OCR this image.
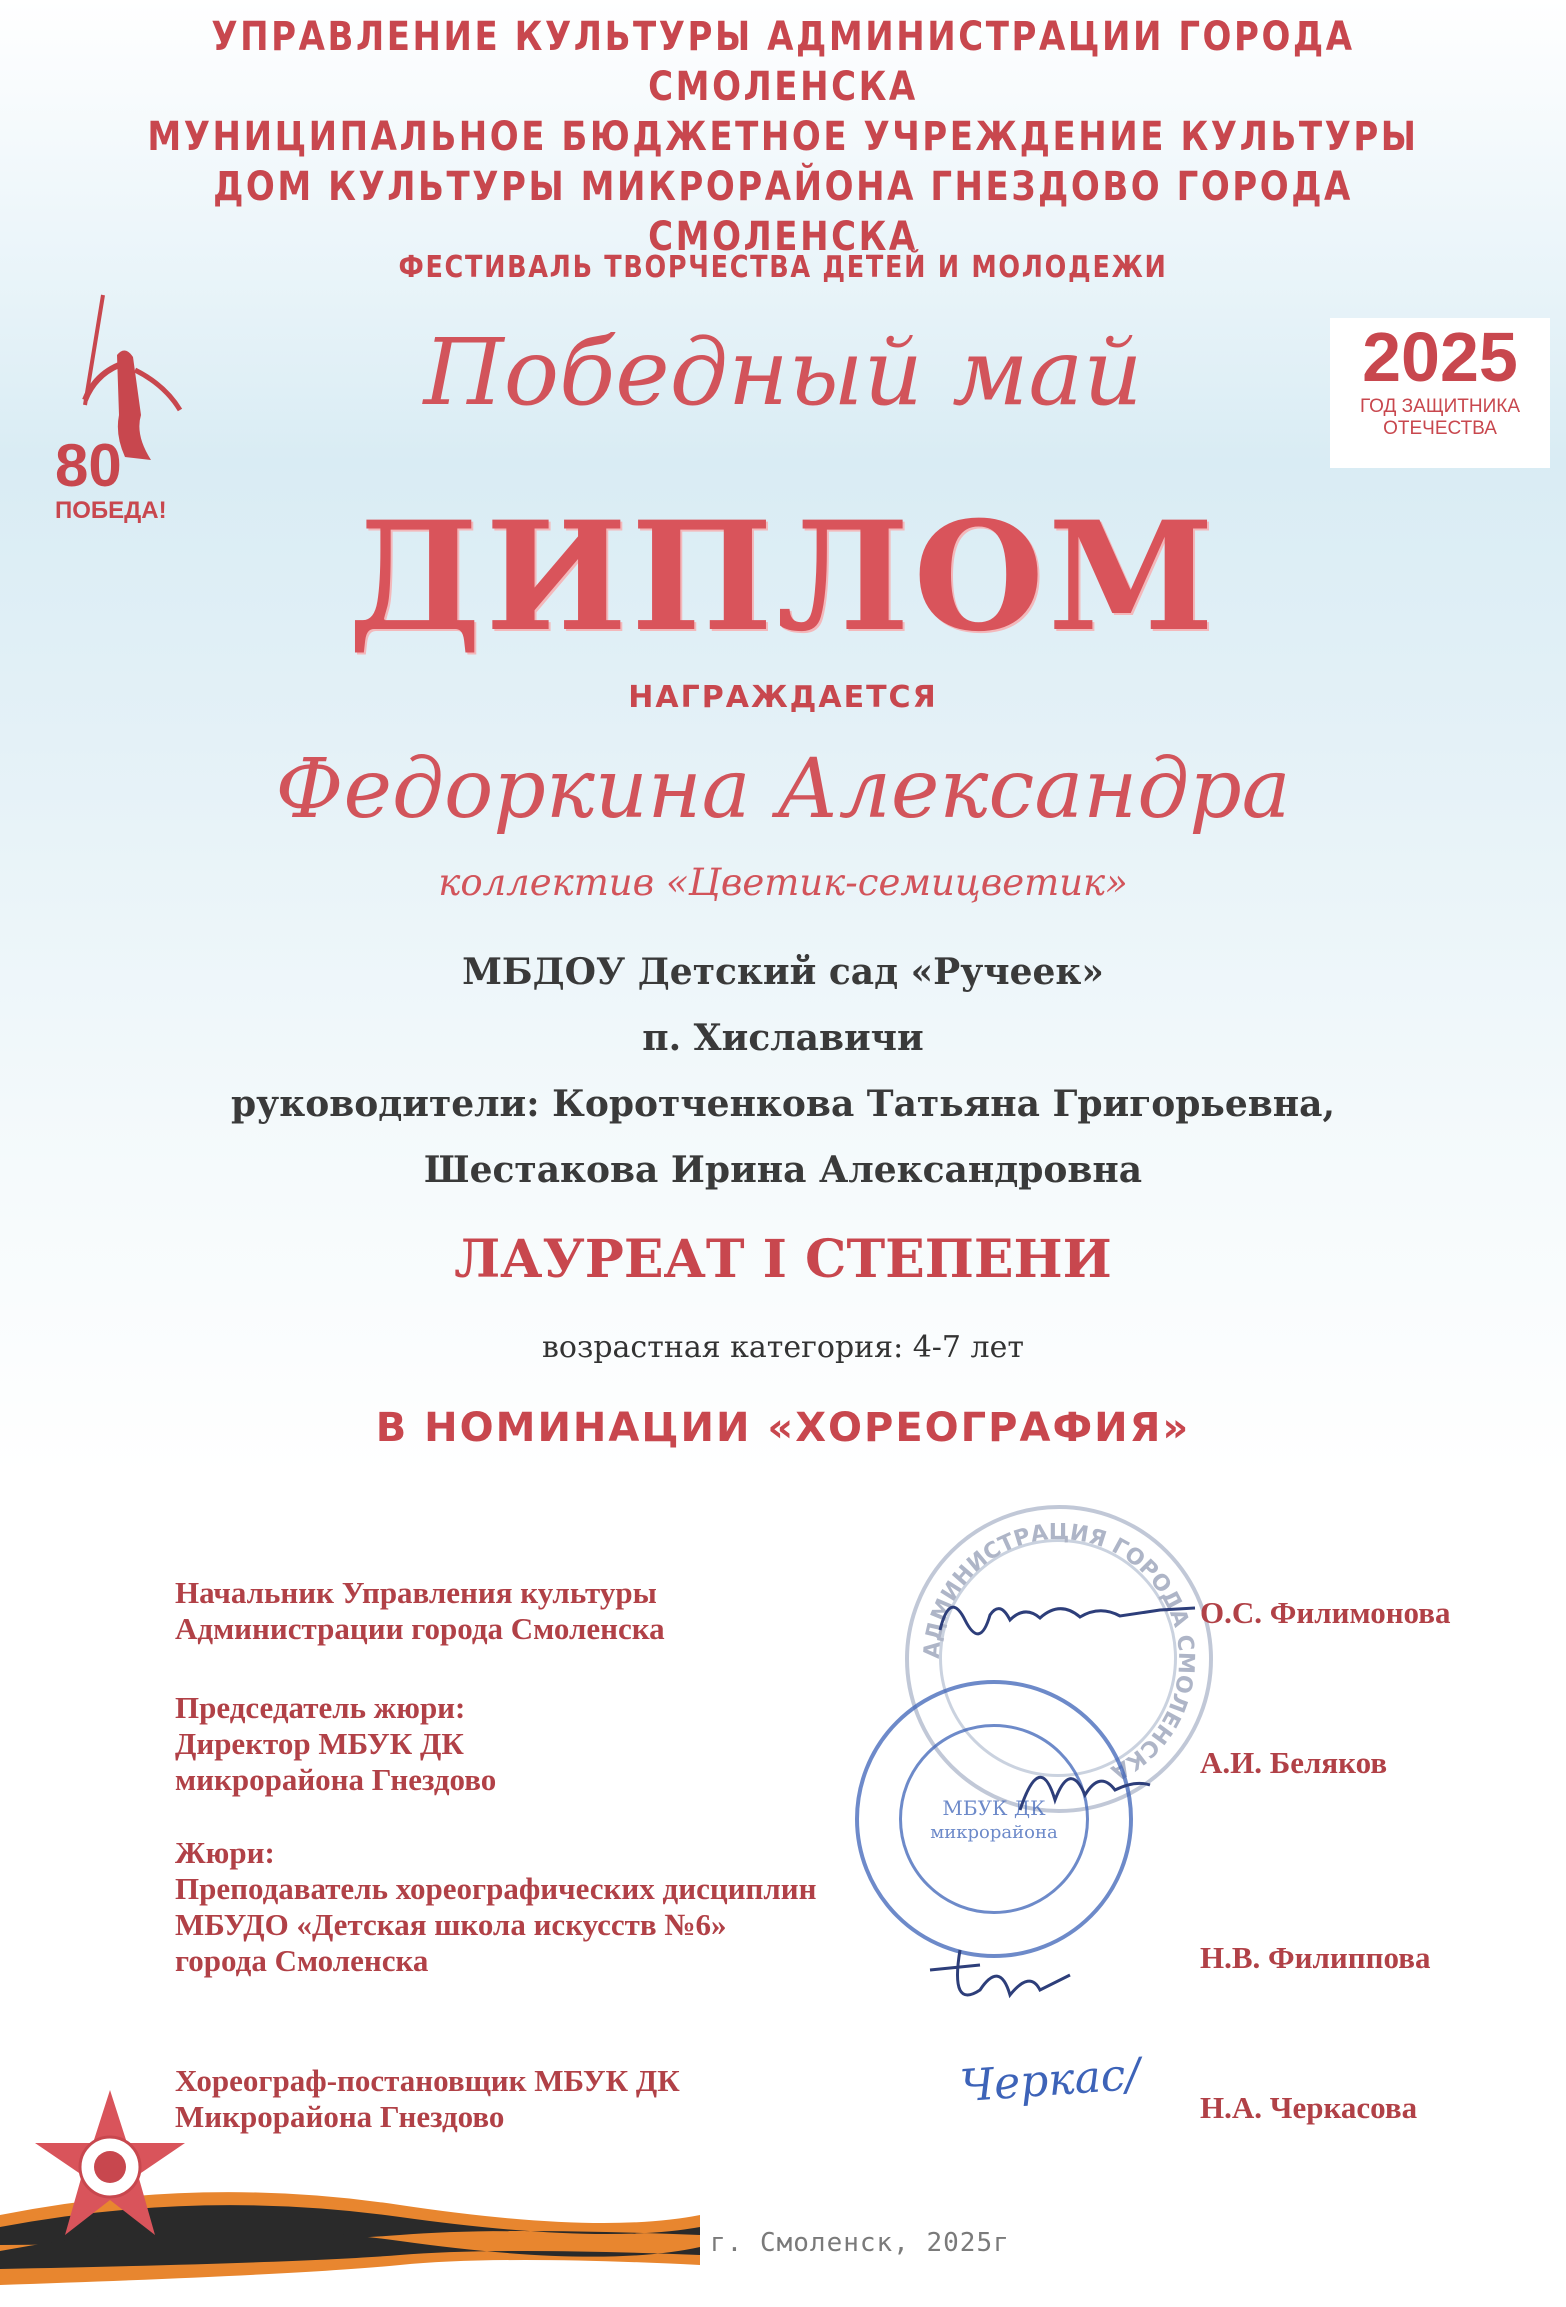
УПРАВЛЕНИЕ КУЛЬТУРЫ АДМИНИСТРАЦИИ ГОРОДА СМОЛЕНСКА
МУНИЦИПАЛЬНОЕ БЮДЖЕТНОЕ УЧРЕЖДЕНИЕ КУЛЬТУРЫ
ДОМ КУЛЬТУРЫ МИКРОРАЙОНА ГНЕЗДОВО ГОРОДА СМОЛЕНСКА
ФЕСТИВАЛЬ ТВОРЧЕСТВА ДЕТЕЙ И МОЛОДЕЖИ
Победный май
80
ПОБЕДА!
2025
ГОД ЗАЩИТНИКА
ОТЕЧЕСТВА
ДИПЛОМ
НАГРАЖДАЕТСЯ
Федоркина Александра
коллектив «Цветик-семицветик»
МБДОУ Детский сад «Ручеек»
п. Хиславичи
руководители: Коротченкова Татьяна Григорьевна,
Шестакова Ирина Александровна
ЛАУРЕАТ I СТЕПЕНИ
возрастная категория: 4-7 лет
В НОМИНАЦИИ «ХОРЕОГРАФИЯ»
АДМИНИСТРАЦИЯ ГОРОДА СМОЛЕНСКА
МБУК ДК
микрорайона
Черкас/
Начальник Управления культуры
Администрации города Смоленска	О.С. Филимонова
Председатель жюри:
Директор МБУК ДК
микрорайона Гнездово	А.И. Беляков
Жюри:
Преподаватель хореографических дисциплин
МБУДО «Детская школа искусств №6»
города Смоленска	Н.В. Филиппова
Хореограф-постановщик МБУК ДК
Микрорайона Гнездово	Н.А. Черкасова
г. Смоленск, 2025г
